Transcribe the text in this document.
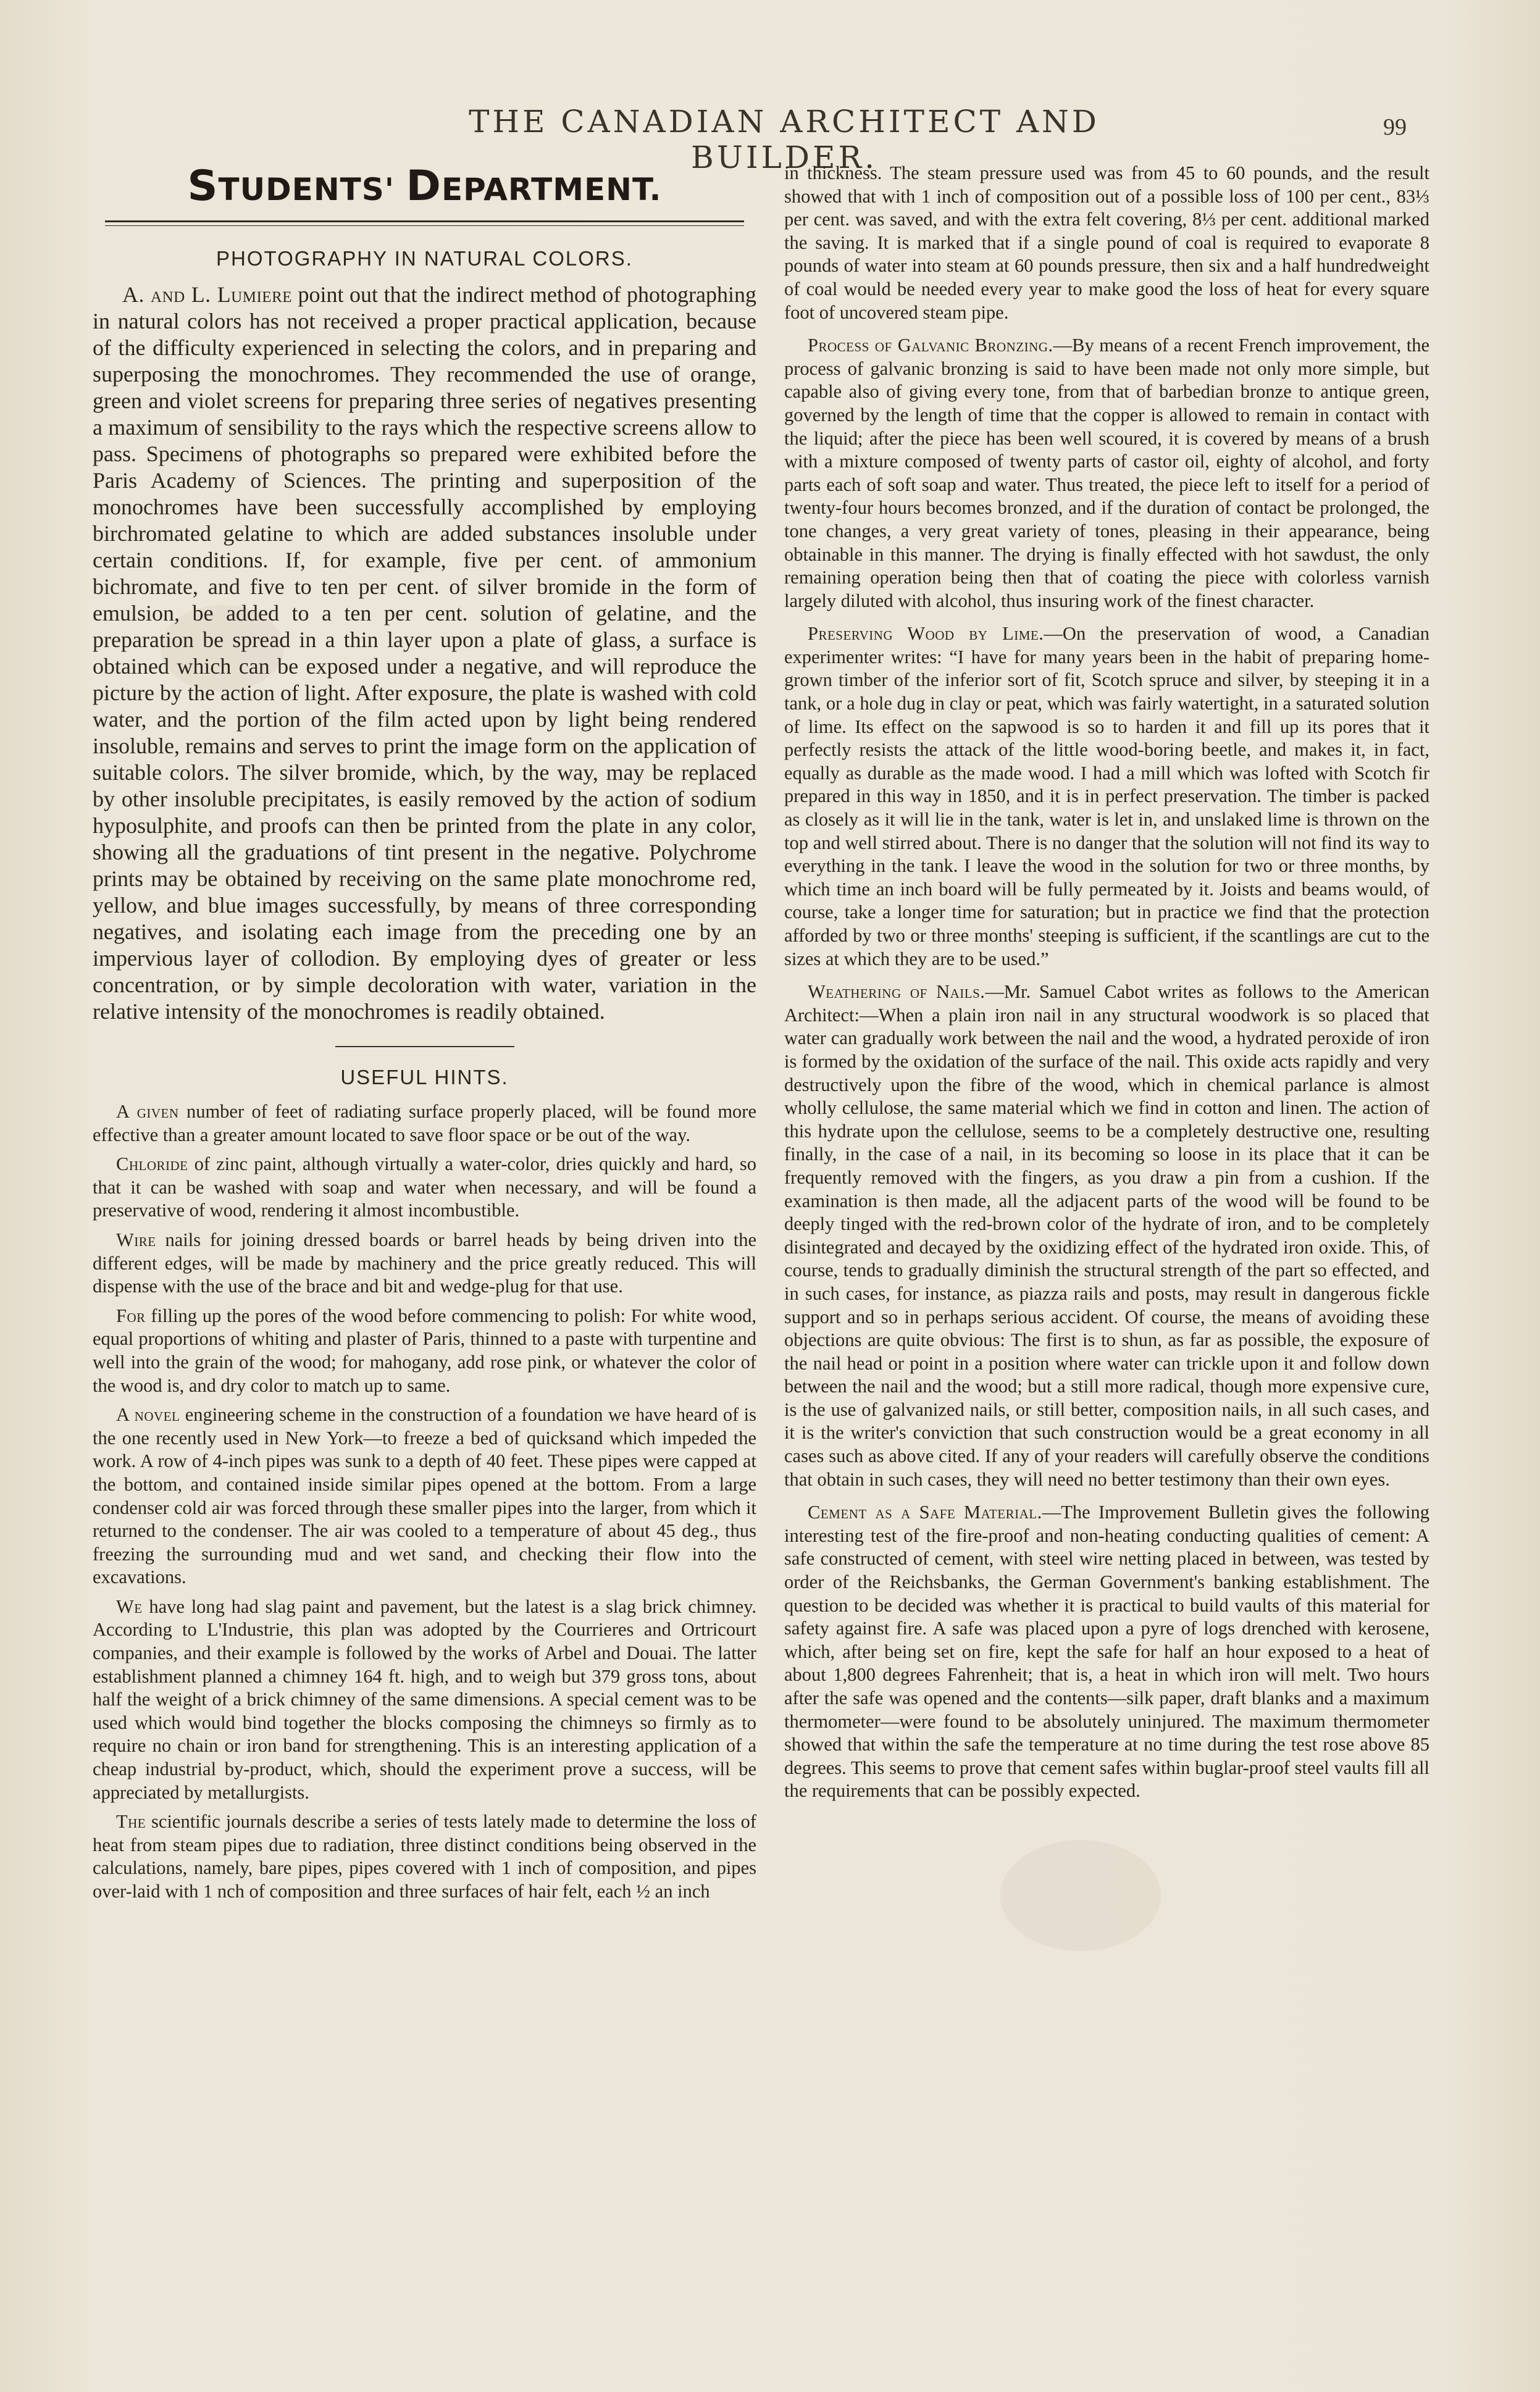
THE CANADIAN ARCHITECT AND BUILDER.
99
STUDENTS' DEPARTMENT.
PHOTOGRAPHY IN NATURAL COLORS.

A. and L. Lumiere point out that the indirect method of photographing in natural colors has not received a proper practical application, because of the difficulty experienced in selecting the colors, and in preparing and superposing the monochromes. They recommended the use of orange, green and violet screens for preparing three series of negatives presenting a maximum of sensibility to the rays which the respective screens allow to pass. Specimens of photographs so prepared were exhibited before the Paris Academy of Sciences. The printing and superposition of the monochromes have been successfully accomplished by employing birchromated gelatine to which are added substances insoluble under certain conditions. If, for example, five per cent. of ammonium bichromate, and five to ten per cent. of silver bromide in the form of emulsion, be added to a ten per cent. solution of gelatine, and the preparation be spread in a thin layer upon a plate of glass, a surface is obtained which can be exposed under a negative, and will reproduce the picture by the action of light. After exposure, the plate is washed with cold water, and the portion of the film acted upon by light being rendered insoluble, remains and serves to print the image form on the application of suitable colors. The silver bromide, which, by the way, may be replaced by other insoluble precipitates, is easily removed by the action of sodium hyposulphite, and proofs can then be printed from the plate in any color, showing all the graduations of tint present in the negative. Polychrome prints may be obtained by receiving on the same plate monochrome red, yellow, and blue images successfully, by means of three corresponding negatives, and isolating each image from the preceding one by an impervious layer of collodion. By employing dyes of greater or less concentration, or by simple decoloration with water, variation in the relative intensity of the monochromes is readily obtained.

USEFUL HINTS.

A given number of feet of radiating surface properly placed, will be found more effective than a greater amount located to save floor space or be out of the way.

Chloride of zinc paint, although virtually a water-color, dries quickly and hard, so that it can be washed with soap and water when necessary, and will be found a preservative of wood, rendering it almost incombustible.

Wire nails for joining dressed boards or barrel heads by being driven into the different edges, will be made by machinery and the price greatly reduced. This will dispense with the use of the brace and bit and wedge-plug for that use.

For filling up the pores of the wood before commencing to polish: For white wood, equal proportions of whiting and plaster of Paris, thinned to a paste with turpentine and well into the grain of the wood; for mahogany, add rose pink, or whatever the color of the wood is, and dry color to match up to same.

A novel engineering scheme in the construction of a foundation we have heard of is the one recently used in New York—to freeze a bed of quicksand which impeded the work. A row of 4-inch pipes was sunk to a depth of 40 feet. These pipes were capped at the bottom, and contained inside similar pipes opened at the bottom. From a large condenser cold air was forced through these smaller pipes into the larger, from which it returned to the condenser. The air was cooled to a temperature of about 45 deg., thus freezing the surrounding mud and wet sand, and checking their flow into the excavations.

We have long had slag paint and pavement, but the latest is a slag brick chimney. According to L'Industrie, this plan was adopted by the Courrieres and Ortricourt companies, and their example is followed by the works of Arbel and Douai. The latter establishment planned a chimney 164 ft. high, and to weigh but 379 gross tons, about half the weight of a brick chimney of the same dimensions. A special cement was to be used which would bind together the blocks composing the chimneys so firmly as to require no chain or iron band for strengthening. This is an interesting application of a cheap industrial by-product, which, should the experiment prove a success, will be appreciated by metallurgists.

The scientific journals describe a series of tests lately made to determine the loss of heat from steam pipes due to radiation, three distinct conditions being observed in the calculations, namely, bare pipes, pipes covered with 1 inch of composition, and pipes over-laid with 1 nch of composition and three surfaces of hair felt, each ½ an inch

in thickness. The steam pressure used was from 45 to 60 pounds, and the result showed that with 1 inch of composition out of a possible loss of 100 per cent., 83⅓ per cent. was saved, and with the extra felt covering, 8⅓ per cent. additional marked the saving. It is marked that if a single pound of coal is required to evaporate 8 pounds of water into steam at 60 pounds pressure, then six and a half hundredweight of coal would be needed every year to make good the loss of heat for every square foot of uncovered steam pipe.

Process of Galvanic Bronzing.—By means of a recent French improvement, the process of galvanic bronzing is said to have been made not only more simple, but capable also of giving every tone, from that of barbedian bronze to antique green, governed by the length of time that the copper is allowed to remain in contact with the liquid; after the piece has been well scoured, it is covered by means of a brush with a mixture composed of twenty parts of castor oil, eighty of alcohol, and forty parts each of soft soap and water. Thus treated, the piece left to itself for a period of twenty-four hours becomes bronzed, and if the duration of contact be prolonged, the tone changes, a very great variety of tones, pleasing in their appearance, being obtainable in this manner. The drying is finally effected with hot sawdust, the only remaining operation being then that of coating the piece with colorless varnish largely diluted with alcohol, thus insuring work of the finest character.

Preserving Wood by Lime.—On the preservation of wood, a Canadian experimenter writes: “I have for many years been in the habit of preparing home-grown timber of the inferior sort of fit, Scotch spruce and silver, by steeping it in a tank, or a hole dug in clay or peat, which was fairly watertight, in a saturated solution of lime. Its effect on the sapwood is so to harden it and fill up its pores that it perfectly resists the attack of the little wood-boring beetle, and makes it, in fact, equally as durable as the made wood. I had a mill which was lofted with Scotch fir prepared in this way in 1850, and it is in perfect preservation. The timber is packed as closely as it will lie in the tank, water is let in, and unslaked lime is thrown on the top and well stirred about. There is no danger that the solution will not find its way to everything in the tank. I leave the wood in the solution for two or three months, by which time an inch board will be fully permeated by it. Joists and beams would, of course, take a longer time for saturation; but in practice we find that the protection afforded by two or three months' steeping is sufficient, if the scantlings are cut to the sizes at which they are to be used.”

Weathering of Nails.—Mr. Samuel Cabot writes as follows to the American Architect:—When a plain iron nail in any structural woodwork is so placed that water can gradually work between the nail and the wood, a hydrated peroxide of iron is formed by the oxidation of the surface of the nail. This oxide acts rapidly and very destructively upon the fibre of the wood, which in chemical parlance is almost wholly cellulose, the same material which we find in cotton and linen. The action of this hydrate upon the cellulose, seems to be a completely destructive one, resulting finally, in the case of a nail, in its becoming so loose in its place that it can be frequently removed with the fingers, as you draw a pin from a cushion. If the examination is then made, all the adjacent parts of the wood will be found to be deeply tinged with the red-brown color of the hydrate of iron, and to be completely disintegrated and decayed by the oxidizing effect of the hydrated iron oxide. This, of course, tends to gradually diminish the structural strength of the part so effected, and in such cases, for instance, as piazza rails and posts, may result in dangerous fickle support and so in perhaps serious accident. Of course, the means of avoiding these objections are quite obvious: The first is to shun, as far as possible, the exposure of the nail head or point in a position where water can trickle upon it and follow down between the nail and the wood; but a still more radical, though more expensive cure, is the use of galvanized nails, or still better, composition nails, in all such cases, and it is the writer's conviction that such construction would be a great economy in all cases such as above cited. If any of your readers will carefully observe the conditions that obtain in such cases, they will need no better testimony than their own eyes.

Cement as a Safe Material.—The Improvement Bulletin gives the following interesting test of the fire-proof and non-heating conducting qualities of cement: A safe constructed of cement, with steel wire netting placed in between, was tested by order of the Reichsbanks, the German Government's banking establishment. The question to be decided was whether it is practical to build vaults of this material for safety against fire. A safe was placed upon a pyre of logs drenched with kerosene, which, after being set on fire, kept the safe for half an hour exposed to a heat of about 1,800 degrees Fahrenheit; that is, a heat in which iron will melt. Two hours after the safe was opened and the contents—silk paper, draft blanks and a maximum thermometer—were found to be absolutely uninjured. The maximum thermometer showed that within the safe the temperature at no time during the test rose above 85 degrees. This seems to prove that cement safes within buglar-proof steel vaults fill all the requirements that can be possibly expected.
